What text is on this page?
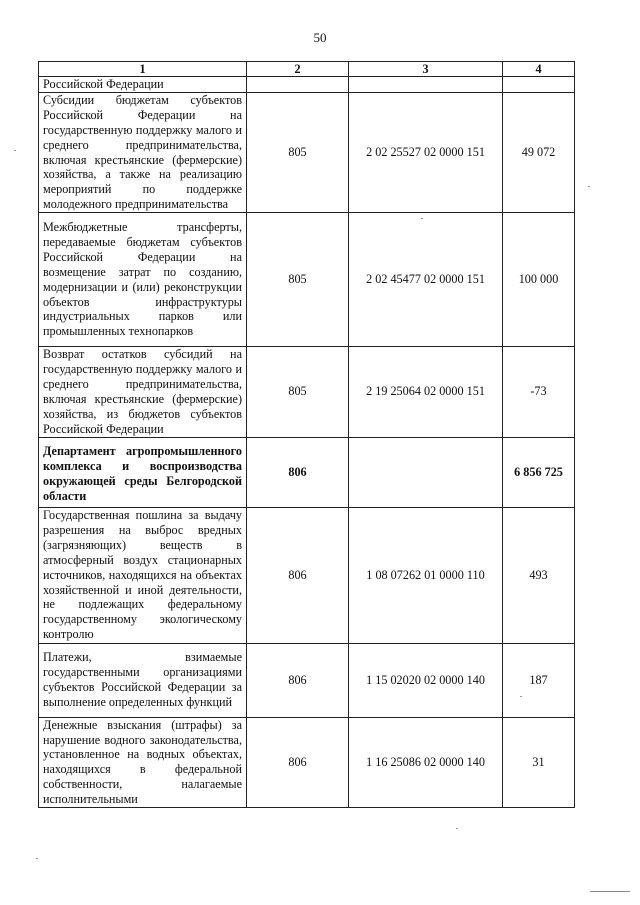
50
1	2	3	4
Российской Федерации			
Субсидии бюджетам субъектов Российской Федерации на государственную поддержку малого и среднего предпринимательства, включая крестьянские (фермерские) хозяйства, а также на реализацию мероприятий по поддержке молодежного предпринимательства	805	2 02 25527 02 0000 151	49 072
Межбюджетные трансферты, передаваемые бюджетам субъектов Российской Федерации на возмещение затрат по созданию, модернизации и (или) реконструкции объектов инфраструктуры индустриальных парков или промышленных технопарков	805	2 02 45477 02 0000 151	100 000
Возврат остатков субсидий на государственную поддержку малого и среднего предпринимательства, включая крестьянские (фермерские) хозяйства, из бюджетов субъектов Российской Федерации	805	2 19 25064 02 0000 151	-73
Департамент агропромышленного комплекса и воспроизводства окружающей среды Белгородской области	806		6 856 725
Государственная пошлина за выдачу разрешения на выброс вредных (загрязняющих) веществ в атмосферный воздух стационарных источников, находящихся на объектах хозяйственной и иной деятельности, не подлежащих федеральному государственному экологическому контролю	806	1 08 07262 01 0000 110	493
Платежи, взимаемые государственными организациями субъектов Российской Федерации за выполнение определенных функций	806	1 15 02020 02 0000 140	187
Денежные взыскания (штрафы) за нарушение водного законодательства, установленное на водных объектах, находящихся в федеральной собственности, налагаемые исполнительными	806	1 16 25086 02 0000 140	31
